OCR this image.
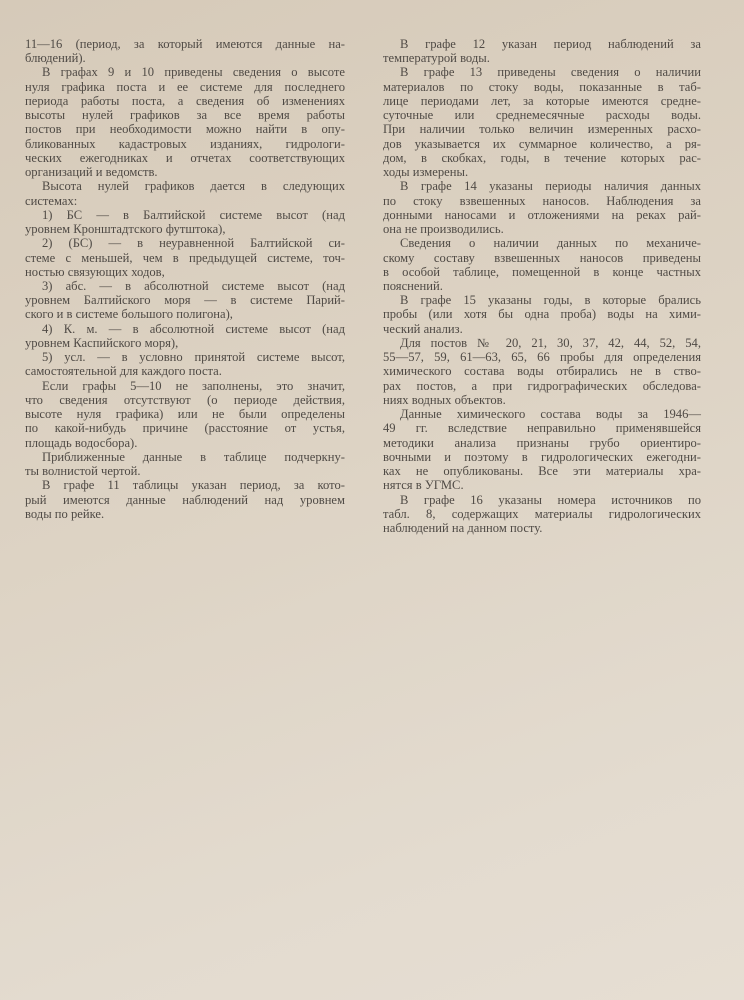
11—16 (период, за который имеются данные на-
блюдений).
В графах 9 и 10 приведены сведения о высоте
нуля графика поста и ее системе для последнего
периода работы поста, а сведения об изменениях
высоты нулей графиков за все время работы
постов при необходимости можно найти в опу-
бликованных кадастровых изданиях, гидрологи-
ческих ежегодниках и отчетах соответствующих
организаций и ведомств.
Высота нулей графиков дается в следующих
системах:
1) БС — в Балтийской системе высот (над
уровнем Кронштадтского футштока),
2) (БС) — в неуравненной Балтийской си-
стеме с меньшей, чем в предыдущей системе, точ-
ностью связующих ходов,
3) абс. — в абсолютной системе высот (над
уровнем Балтийского моря — в системе Парий-
ского и в системе большого полигона),
4) К. м. — в абсолютной системе высот (над
уровнем Каспийского моря),
5) усл. — в условно принятой системе высот,
самостоятельной для каждого поста.
Если графы 5—10 не заполнены, это значит,
что сведения отсутствуют (о периоде действия,
высоте нуля графика) или не были определены
по какой-нибудь причине (расстояние от устья,
площадь водосбора).
Приближенные данные в таблице подчеркну-
ты волнистой чертой.
В графе 11 таблицы указан период, за кото-
рый имеются данные наблюдений над уровнем
воды по рейке.
В графе 12 указан период наблюдений за
температурой воды.
В графе 13 приведены сведения о наличии
материалов по стоку воды, показанные в таб-
лице периодами лет, за которые имеются средне-
суточные или среднемесячные расходы воды.
При наличии только величин измеренных расхо-
дов указывается их суммарное количество, а ря-
дом, в скобках, годы, в течение которых рас-
ходы измерены.
В графе 14 указаны периоды наличия данных
по стоку взвешенных наносов. Наблюдения за
донными наносами и отложениями на реках рай-
она не производились.
Сведения о наличии данных по механиче-
скому составу взвешенных наносов приведены
в особой таблице, помещенной в конце частных
пояснений.
В графе 15 указаны годы, в которые брались
пробы (или хотя бы одна проба) воды на хими-
ческий анализ.
Для постов № 20, 21, 30, 37, 42, 44, 52, 54,
55—57, 59, 61—63, 65, 66 пробы для определения
химического состава воды отбирались не в ство-
рах постов, а при гидрографических обследова-
ниях водных объектов.
Данные химического состава воды за 1946—
49 гг. вследствие неправильно применявшейся
методики анализа признаны грубо ориентиро-
вочными и поэтому в гидрологических ежегодни-
ках не опубликованы. Все эти материалы хра-
нятся в УГМС.
В графе 16 указаны номера источников по
табл. 8, содержащих материалы гидрологических
наблюдений на данном посту.
